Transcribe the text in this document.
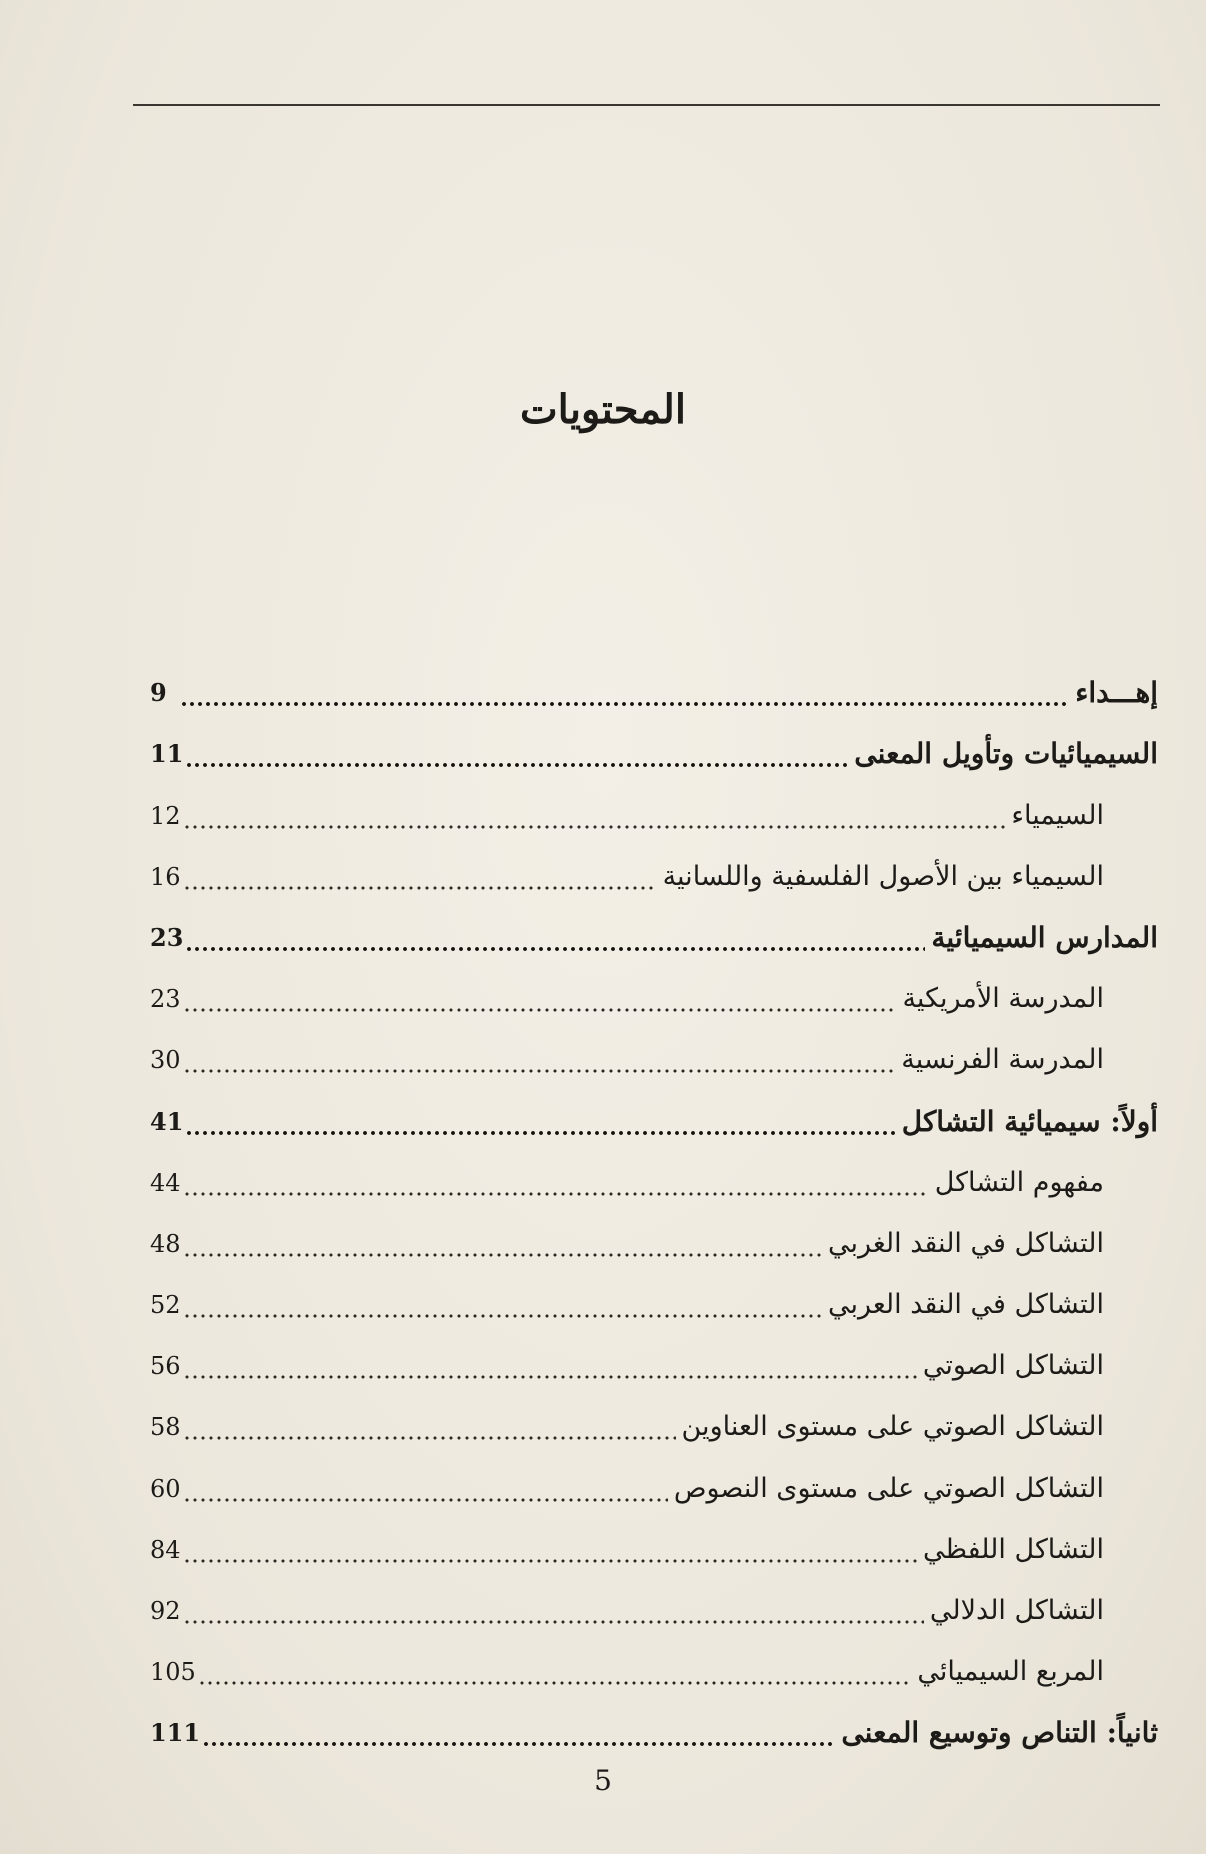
المحتويات
إهـــداء
9
السيميائيات وتأويل المعنى
11
السيمياء
12
السيمياء بين الأصول الفلسفية واللسانية
16
المدارس السيميائية
23
المدرسة الأمريكية
23
المدرسة الفرنسية
30
أولاً: سيميائية التشاكل
41
مفهوم التشاكل
44
التشاكل في النقد الغربي
48
التشاكل في النقد العربي
52
التشاكل الصوتي
56
التشاكل الصوتي على مستوى العناوين
58
التشاكل الصوتي على مستوى النصوص
60
التشاكل اللفظي
84
التشاكل الدلالي
92
المربع السيميائي
105
ثانياً: التناص وتوسيع المعنى
111
5
